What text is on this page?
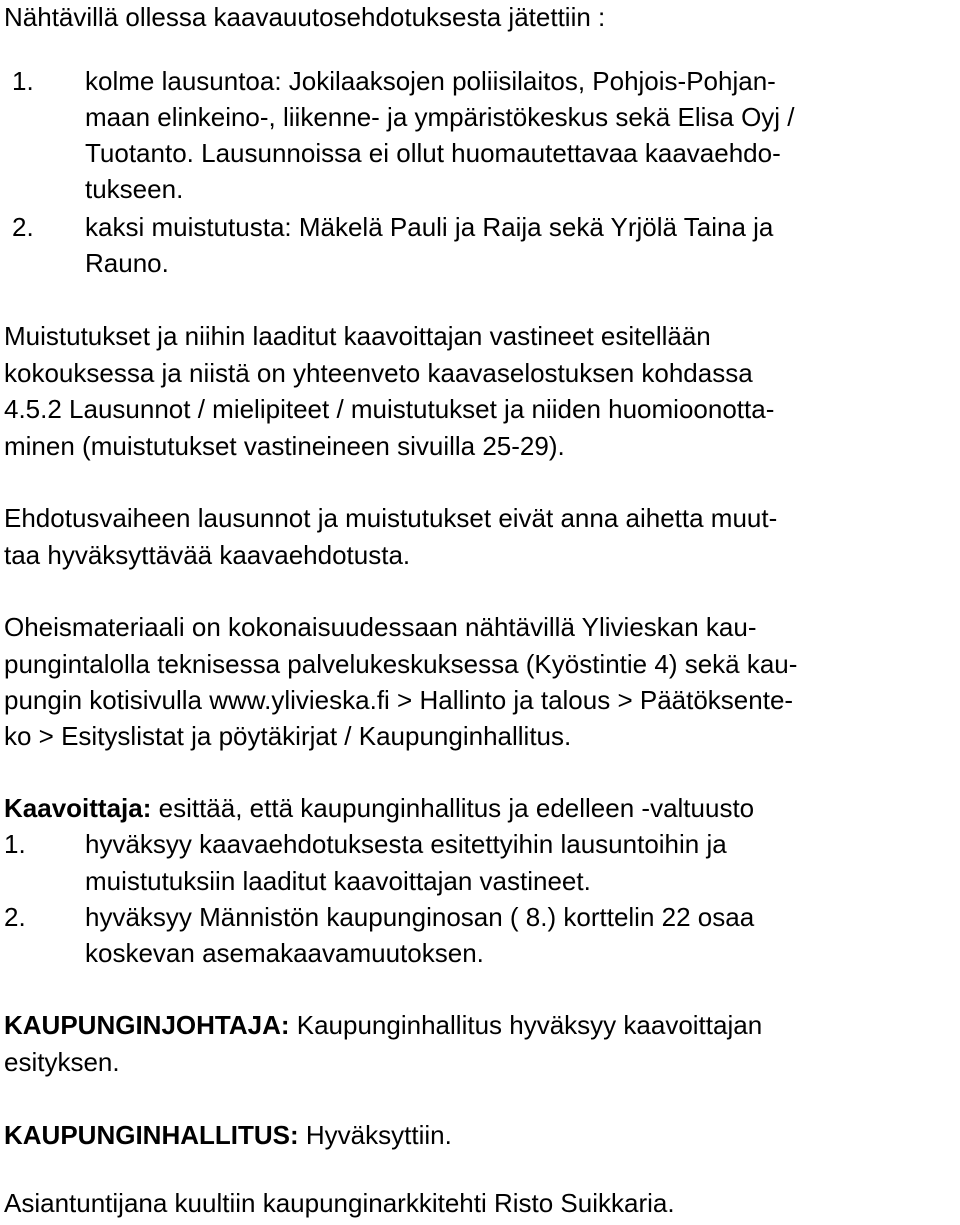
Nähtävillä ollessa kaavauutosehdotuksesta jätettiin :
1. kolme lausuntoa: Jokilaaksojen poliisilaitos, Pohjois-Pohjan-
maan elinkeino-, liikenne- ja ympäristökeskus sekä Elisa Oyj /
Tuotanto. Lausunnoissa ei ollut huomautettavaa kaavaehdo-
tukseen.
2. kaksi muistutusta: Mäkelä Pauli ja Raija sekä Yrjölä Taina ja
Rauno.
Muistutukset ja niihin laaditut kaavoittajan vastineet esitellään
kokouksessa ja niistä on yhteenveto kaavaselostuksen kohdassa
4.5.2 Lausunnot / mielipiteet / muistutukset ja niiden huomioonotta-
minen (muistutukset vastineineen sivuilla 25-29).
Ehdotusvaiheen lausunnot ja muistutukset eivät anna aihetta muut-
taa hyväksyttävää kaavaehdotusta.
Oheismateriaali on kokonaisuudessaan nähtävillä Ylivieskan kau-
pungintalolla teknisessa palvelukeskuksessa (Kyöstintie 4) sekä kau-
pungin kotisivulla www.ylivieska.fi > Hallinto ja talous > Päätöksente-
ko > Esityslistat ja pöytäkirjat / Kaupunginhallitus.
Kaavoittaja: esittää, että kaupunginhallitus ja edelleen -valtuusto
1. hyväksyy kaavaehdotuksesta esitettyihin lausuntoihin ja
muistutuksiin laaditut kaavoittajan vastineet.
2. hyväksyy Männistön kaupunginosan ( 8.) korttelin 22 osaa
koskevan asemakaavamuutoksen.
KAUPUNGINJOHTAJA: Kaupunginhallitus hyväksyy kaavoittajan
esityksen.
KAUPUNGINHALLITUS: Hyväksyttiin.
Asiantuntijana kuultiin kaupunginarkkitehti Risto Suikkaria.
